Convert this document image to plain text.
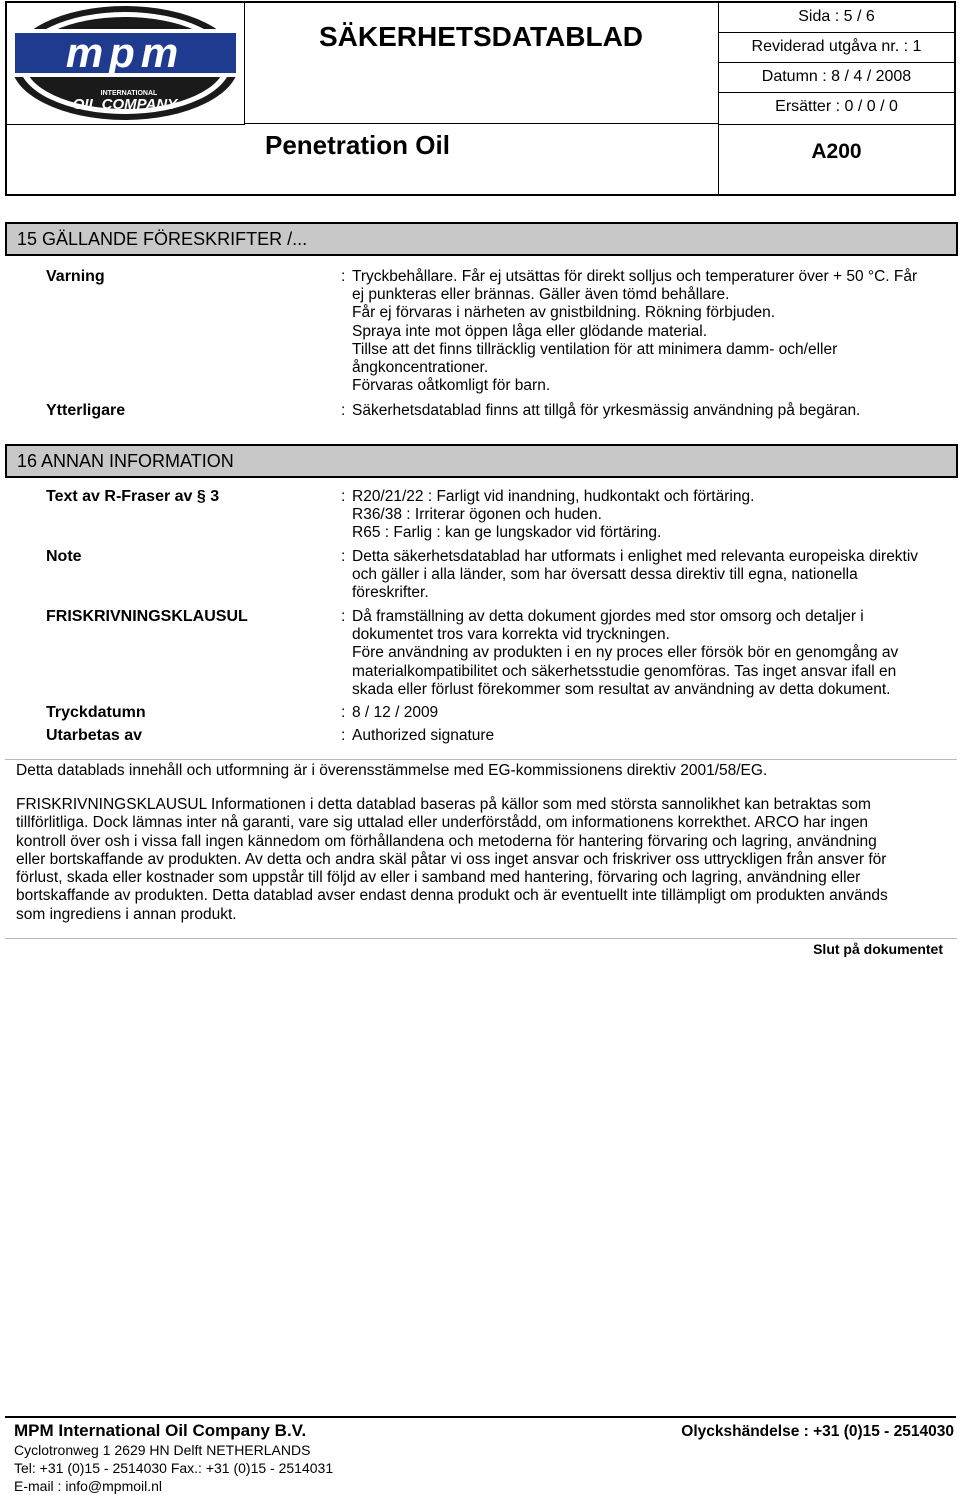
mpm
INTERNATIONAL
OIL COMPANY
SÄKERHETSDATABLAD
Sida : 5 / 6
Reviderad utgåva nr. : 1
Datumn : 8 / 4 / 2008
Ersätter : 0 / 0 / 0
Penetration Oil	A200
15 GÄLLANDE FÖRESKRIFTER /...
Varning	: Tryckbehållare. Får ej utsättas för direkt solljus och temperaturer över + 50 °C. Får
ej punkteras eller brännas. Gäller även tömd behållare.
Får ej förvaras i närheten av gnistbildning. Rökning förbjuden.
Spraya inte mot öppen låga eller glödande material.
Tillse att det finns tillräcklig ventilation för att minimera damm- och/eller
ångkoncentrationer.
Förvaras oåtkomligt för barn.
Ytterligare	: Säkerhetsdatablad finns att tillgå för yrkesmässig användning på begäran.
16 ANNAN INFORMATION
Text av R-Fraser av § 3	: R20/21/22 : Farligt vid inandning, hudkontakt och förtäring.
R36/38 : Irriterar ögonen och huden.
R65 : Farlig : kan ge lungskador vid förtäring.
Note	: Detta säkerhetsdatablad har utformats i enlighet med relevanta europeiska direktiv
och gäller i alla länder, som har översatt dessa direktiv till egna, nationella
föreskrifter.
FRISKRIVNINGSKLAUSUL	: Då framställning av detta dokument gjordes med stor omsorg och detaljer i
dokumentet tros vara korrekta vid tryckningen.
Före användning av produkten i en ny proces eller försök bör en genomgång av
materialkompatibilitet och säkerhetsstudie genomföras. Tas inget ansvar ifall en
skada eller förlust förekommer som resultat av användning av detta dokument.
Tryckdatumn	: 8 / 12 / 2009
Utarbetas av	: Authorized signature
Detta datablads innehåll och utformning är i överensstämmelse med EG-kommissionens direktiv 2001/58/EG.
FRISKRIVNINGSKLAUSUL Informationen i detta datablad baseras på källor som med största sannolikhet kan betraktas som
tillförlitliga. Dock lämnas inter nå garanti, vare sig uttalad eller underförstådd, om informationens korrekthet. ARCO har ingen
kontroll över osh i vissa fall ingen kännedom om förhållandena och metoderna för hantering förvaring och lagring, användning
eller bortskaffande av produkten. Av detta och andra skäl påtar vi oss inget ansvar och friskriver oss uttryckligen från ansver för
förlust, skada eller kostnader som uppstår till följd av eller i samband med hantering, förvaring och lagring, användning eller
bortskaffande av produkten. Detta datablad avser endast denna produkt och är eventuellt inte tillämpligt om produkten används
som ingrediens i annan produkt.
Slut på dokumentet
MPM International Oil Company B.V.
Cyclotronweg 1 2629 HN Delft NETHERLANDS
Tel: +31 (0)15 - 2514030 Fax.: +31 (0)15 - 2514031
E-mail : info@mpmoil.nl
Olyckshändelse : +31 (0)15 - 2514030
